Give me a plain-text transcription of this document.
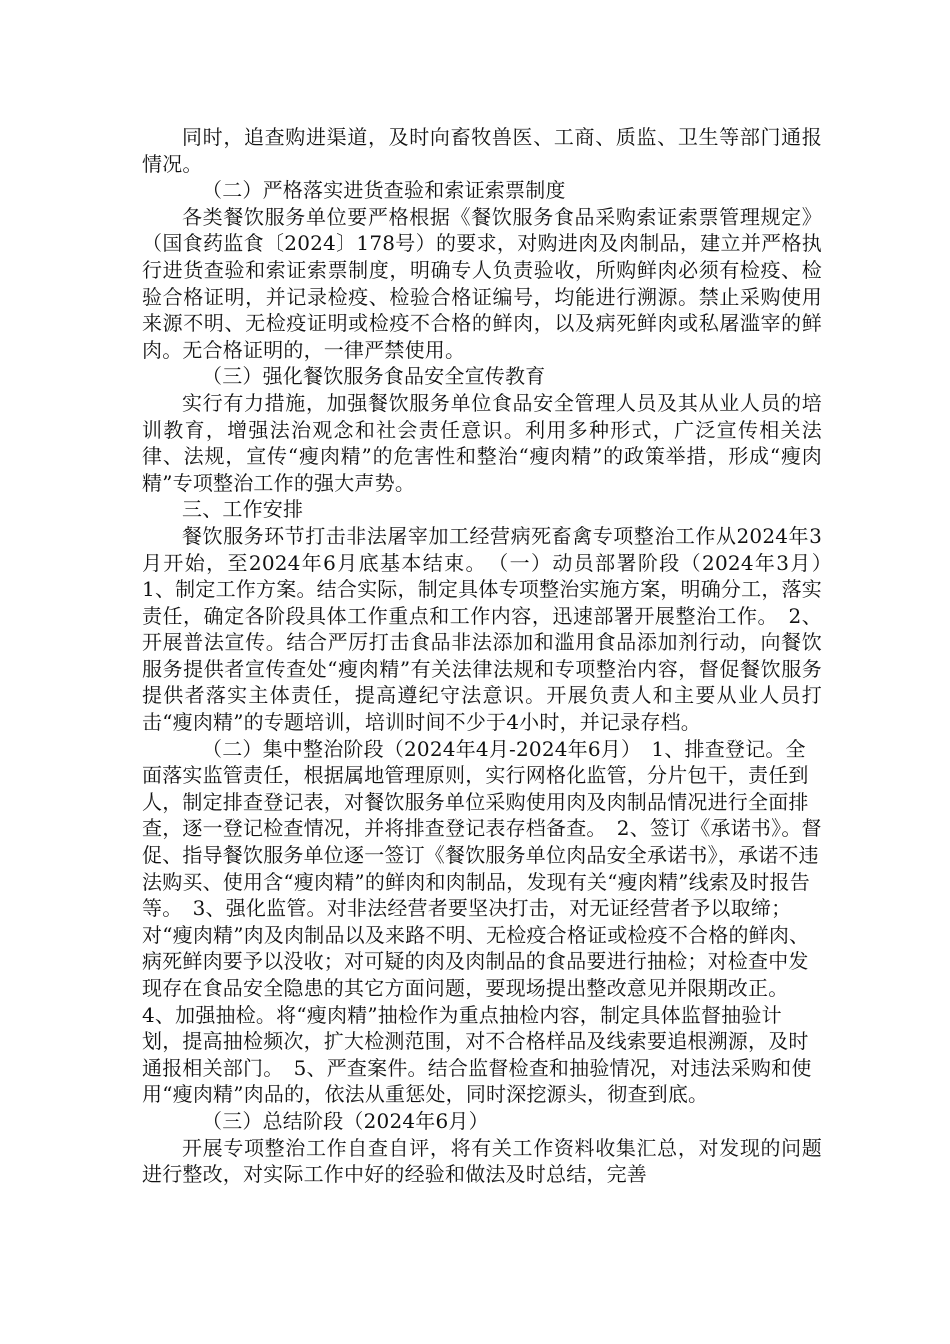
同时，追查购进渠道，及时向畜牧兽医、工商、质监、卫生等部门通报情况。

（二）严格落实进货查验和索证索票制度

各类餐饮服务单位要严格根据《餐饮服务食品采购索证索票管理规定》（国食药监食〔2024〕178号）的要求，对购进肉及肉制品，建立并严格执行进货查验和索证索票制度，明确专人负责验收，所购鲜肉必须有检疫、检验合格证明，并记录检疫、检验合格证编号，均能进行溯源。禁止采购使用来源不明、无检疫证明或检疫不合格的鲜肉，以及病死鲜肉或私屠滥宰的鲜肉。无合格证明的，一律严禁使用。

（三）强化餐饮服务食品安全宣传教育

实行有力措施，加强餐饮服务单位食品安全管理人员及其从业人员的培训教育，增强法治观念和社会责任意识。利用多种形式，广泛宣传相关法律、法规，宣传“瘦肉精”的危害性和整治“瘦肉精”的政策举措，形成“瘦肉精”专项整治工作的强大声势。

三、工作安排

餐饮服务环节打击非法屠宰加工经营病死畜禽专项整治工作从2024年3月开始，至2024年6月底基本结束。　（一）动员部署阶段（2024年3月）　1、制定工作方案。结合实际，制定具体专项整治实施方案，明确分工，落实责任，确定各阶段具体工作重点和工作内容，迅速部署开展整治工作。　2、开展普法宣传。结合严厉打击食品非法添加和滥用食品添加剂行动，向餐饮服务提供者宣传查处“瘦肉精”有关法律法规和专项整治内容，督促餐饮服务提供者落实主体责任，提高遵纪守法意识。开展负责人和主要从业人员打击“瘦肉精”的专题培训，培训时间不少于4小时，并记录存档。

（二）集中整治阶段（2024年4月-2024年6月）　1、排查登记。全面落实监管责任，根据属地管理原则，实行网格化监管，分片包干，责任到人，制定排查登记表，对餐饮服务单位采购使用肉及肉制品情况进行全面排查，逐一登记检查情况，并将排查登记表存档备查。　2、签订《承诺书》。督促、指导餐饮服务单位逐一签订《餐饮服务单位肉品安全承诺书》，承诺不违法购买、使用含“瘦肉精”的鲜肉和肉制品，发现有关“瘦肉精”线索及时报告等。　3、强化监管。对非法经营者要坚决打击，对无证经营者予以取缔；对“瘦肉精”肉及肉制品以及来路不明、无检疫合格证或检疫不合格的鲜肉、病死鲜肉要予以没收；对可疑的肉及肉制品的食品要进行抽检；对检查中发现存在食品安全隐患的其它方面问题，要现场提出整改意见并限期改正。　4、加强抽检。将“瘦肉精”抽检作为重点抽检内容，制定具体监督抽验计划，提高抽检频次，扩大检测范围，对不合格样品及线索要追根溯源，及时通报相关部门。　5、严查案件。结合监督检查和抽验情况，对违法采购和使用“瘦肉精”肉品的，依法从重惩处，同时深挖源头，彻查到底。

（三）总结阶段（2024年6月）

开展专项整治工作自查自评，将有关工作资料收集汇总，对发现的问题进行整改，对实际工作中好的经验和做法及时总结，完善
